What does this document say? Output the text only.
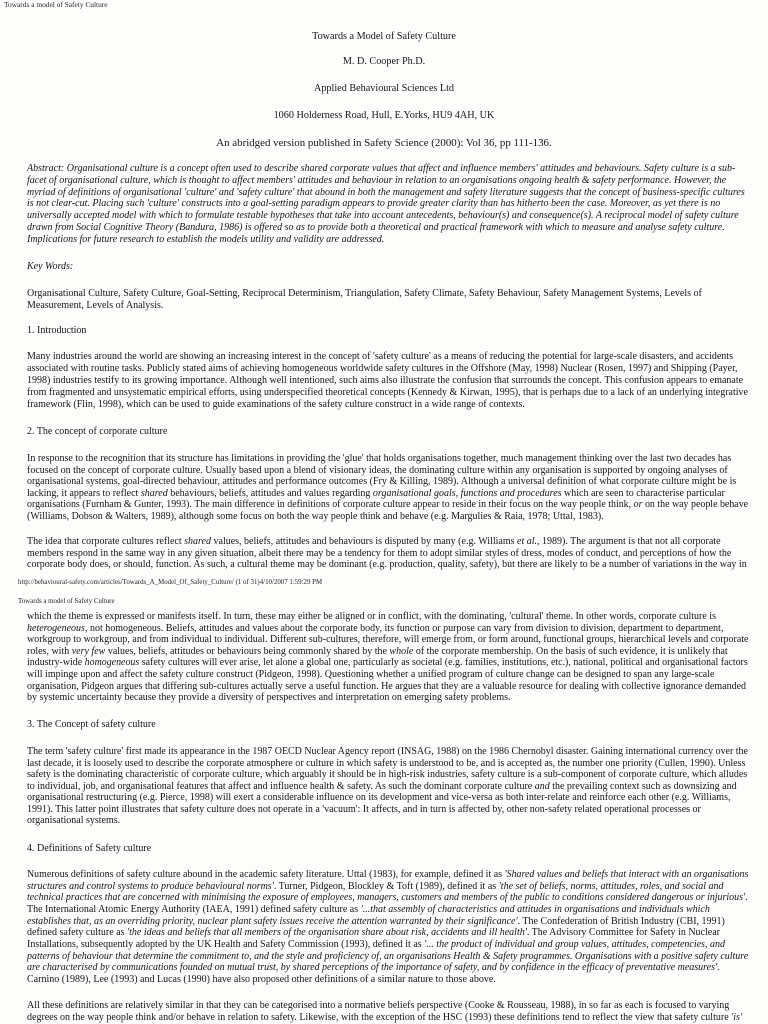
Towards a model of Safety Culture
Towards a Model of Safety Culture
M. D. Cooper Ph.D.
Applied Behavioural Sciences Ltd
1060 Holderness Road, Hull, E.Yorks, HU9 4AH, UK
An abridged version published in Safety Science (2000): Vol 36, pp 111-136.
Abstract: Organisational culture is a concept often used to describe shared corporate values that affect and influence members' attitudes and behaviours. Safety culture is a sub-
facet of organisational culture, which is thought to affect members' attitudes and behaviour in relation to an organisations ongoing health & safety performance. However, the
myriad of definitions of organisational 'culture' and 'safety culture' that abound in both the management and safety literature suggests that the concept of business-specific cultures
is not clear-cut. Placing such 'culture' constructs into a goal-setting paradigm appears to provide greater clarity than has hitherto been the case. Moreover, as yet there is no
universally accepted model with which to formulate testable hypotheses that take into account antecedents, behaviour(s) and consequence(s). A reciprocal model of safety culture
drawn from Social Cognitive Theory (Bandura, 1986) is offered so as to provide both a theoretical and practical framework with which to measure and analyse safety culture.
Implications for future research to establish the models utility and validity are addressed.
Key Words:
Organisational Culture, Safety Culture, Goal-Setting, Reciprocal Determinism, Triangulation, Safety Climate, Safety Behaviour, Safety Management Systems, Levels of
Measurement, Levels of Analysis.
1. Introduction
Many industries around the world are showing an increasing interest in the concept of 'safety culture' as a means of reducing the potential for large-scale disasters, and accidents
associated with routine tasks. Publicly stated aims of achieving homogeneous worldwide safety cultures in the Offshore (May, 1998) Nuclear (Rosen, 1997) and Shipping (Payer,
1998) industries testify to its growing importance. Although well intentioned, such aims also illustrate the confusion that surrounds the concept. This confusion appears to emanate
from fragmented and unsystematic empirical efforts, using underspecified theoretical concepts (Kennedy & Kirwan, 1995), that is perhaps due to a lack of an underlying integrative
framework (Flin, 1998), which can be used to guide examinations of the safety culture construct in a wide range of contexts.
2. The concept of corporate culture
In response to the recognition that its structure has limitations in providing the 'glue' that holds organisations together, much management thinking over the last two decades has
focused on the concept of corporate culture. Usually based upon a blend of visionary ideas, the dominating culture within any organisation is supported by ongoing analyses of
organisational systems, goal-directed behaviour, attitudes and performance outcomes (Fry & Killing, 1989). Although a universal definition of what corporate culture might be is
lacking, it appears to reflect shared behaviours, beliefs, attitudes and values regarding organisational goals, functions and procedures which are seen to characterise particular
organisations (Furnham & Gunter, 1993). The main difference in definitions of corporate culture appear to reside in their focus on the way people think, or on the way people behave
(Williams, Dobson & Walters, 1989), although some focus on both the way people think and behave (e.g. Margulies & Raia, 1978; Uttal, 1983).
The idea that corporate cultures reflect shared values, beliefs, attitudes and behaviours is disputed by many (e.g. Williams et al., 1989). The argument is that not all corporate
members respond in the same way in any given situation, albeit there may be a tendency for them to adopt similar styles of dress, modes of conduct, and perceptions of how the
corporate body does, or should, function. As such, a cultural theme may be dominant (e.g. production, quality, safety), but there are likely to be a number of variations in the way in
http://behavioural-safety.com/articles/Towards_A_Model_Of_Safety_Culture/ (1 of 31)4/10/2007 1:59:29 PM
Towards a model of Safety Culture
which the theme is expressed or manifests itself. In turn, these may either be aligned or in conflict, with the dominating, 'cultural' theme. In other words, corporate culture is
heterogeneous, not homogeneous. Beliefs, attitudes and values about the corporate body, its function or purpose can vary from division to division, department to department,
workgroup to workgroup, and from individual to individual. Different sub-cultures, therefore, will emerge from, or form around, functional groups, hierarchical levels and corporate
roles, with very few values, beliefs, attitudes or behaviours being commonly shared by the whole of the corporate membership. On the basis of such evidence, it is unlikely that
industry-wide homogeneous safety cultures will ever arise, let alone a global one, particularly as societal (e.g. families, institutions, etc.), national, political and organisational factors
will impinge upon and affect the safety culture construct (Pidgeon, 1998). Questioning whether a unified program of culture change can be designed to span any large-scale
organisation, Pidgeon argues that differing sub-cultures actually serve a useful function. He argues that they are a valuable resource for dealing with collective ignorance demanded
by systemic uncertainty because they provide a diversity of perspectives and interpretation on emerging safety problems.
3. The Concept of safety culture
The term 'safety culture' first made its appearance in the 1987 OECD Nuclear Agency report (INSAG, 1988) on the 1986 Chernobyl disaster. Gaining international currency over the
last decade, it is loosely used to describe the corporate atmosphere or culture in which safety is understood to be, and is accepted as, the number one priority (Cullen, 1990). Unless
safety is the dominating characteristic of corporate culture, which arguably it should be in high-risk industries, safety culture is a sub-component of corporate culture, which alludes
to individual, job, and organisational features that affect and influence health & safety. As such the dominant corporate culture and the prevailing context such as downsizing and
organisational restructuring (e.g. Pierce, 1998) will exert a considerable influence on its development and vice-versa as both inter-relate and reinforce each other (e.g. Williams,
1991). This latter point illustrates that safety culture does not operate in a 'vacuum': It affects, and in turn is affected by, other non-safety related operational processes or
organisational systems.
4. Definitions of Safety culture
Numerous definitions of safety culture abound in the academic safety literature. Uttal (1983), for example, defined it as 'Shared values and beliefs that interact with an organisations
structures and control systems to produce behavioural norms'. Turner, Pidgeon, Blockley & Toft (1989), defined it as 'the set of beliefs, norms, attitudes, roles, and social and
technical practices that are concerned with minimising the exposure of employees, managers, customers and members of the public to conditions considered dangerous or injurious'.
The International Atomic Energy Authority (IAEA, 1991) defined safety culture as '...that assembly of characteristics and attitudes in organisations and individuals which
establishes that, as an overriding priority, nuclear plant safety issues receive the attention warranted by their significance'. The Confederation of British Industry (CBI, 1991)
defined safety culture as 'the ideas and beliefs that all members of the organisation share about risk, accidents and ill health'. The Advisory Committee for Safety in Nuclear
Installations, subsequently adopted by the UK Health and Safety Commission (1993), defined it as '... the product of individual and group values, attitudes, competencies, and
patterns of behaviour that determine the commitment to, and the style and proficiency of, an organisations Health & Safety programmes. Organisations with a positive safety culture
are characterised by communications founded on mutual trust, by shared perceptions of the importance of safety, and by confidence in the efficacy of preventative measures'.
Carnino (1989), Lee (1993) and Lucas (1990) have also proposed other definitions of a similar nature to those above.
All these definitions are relatively similar in that they can be categorised into a normative beliefs perspective (Cooke & Rousseau, 1988), in so far as each is focused to varying
degrees on the way people think and/or behave in relation to safety. Likewise, with the exception of the HSC (1993) these definitions tend to reflect the view that safety culture 'is'
